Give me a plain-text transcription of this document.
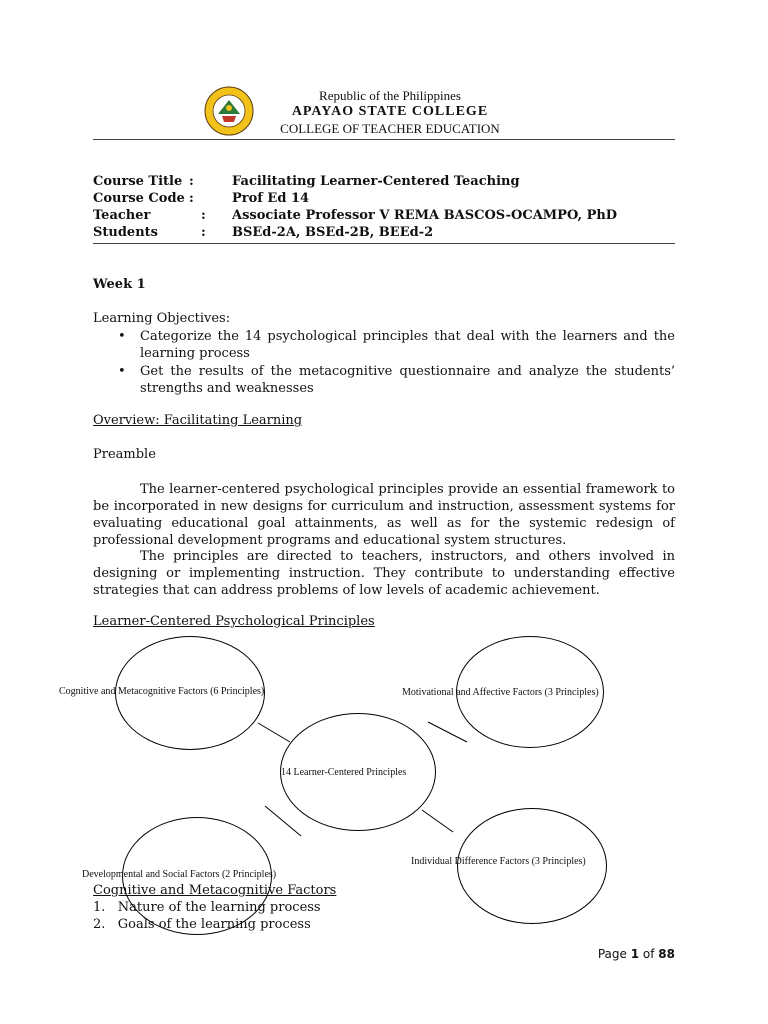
Republic of the Philippines
APAYAO STATE COLLEGE
COLLEGE OF TEACHER EDUCATION
Course Title :	Facilitating Learner-Centered Teaching
Course Code :	Prof Ed 14
Teacher	: Associate Professor V REMA BASCOS-OCAMPO, PhD
Students	: BSEd-2A, BSEd-2B, BEEd-2
Week 1
Learning Objectives:
• Categorize the 14 psychological principles that deal with the learners and the learning process
• Get the results of the metacognitive questionnaire and analyze the students’ strengths and weaknesses
Overview: Facilitating Learning
Preamble
The learner-centered psychological principles provide an essential framework to be incorporated in new designs for curriculum and instruction, assessment systems for evaluating educational goal attainments, as well as for the systemic redesign of professional development programs and educational system structures.
The principles are directed to teachers, instructors, and others involved in designing or implementing instruction. They contribute to understanding effective strategies that can address problems of low levels of academic achievement.
Learner-Centered Psychological Principles
Cognitive and Metacognitive Factors (6 Principles)	Motivational and Affective Factors (3 Principles)
14 Learner-Centered Principles
Developmental and Social Factors (2 Principles)
Individual Difference Factors (3 Principles)
Cognitive and Metacognitive Factors
1.   Nature of the learning process
2.   Goals of the learning process
Page 1 of 88
